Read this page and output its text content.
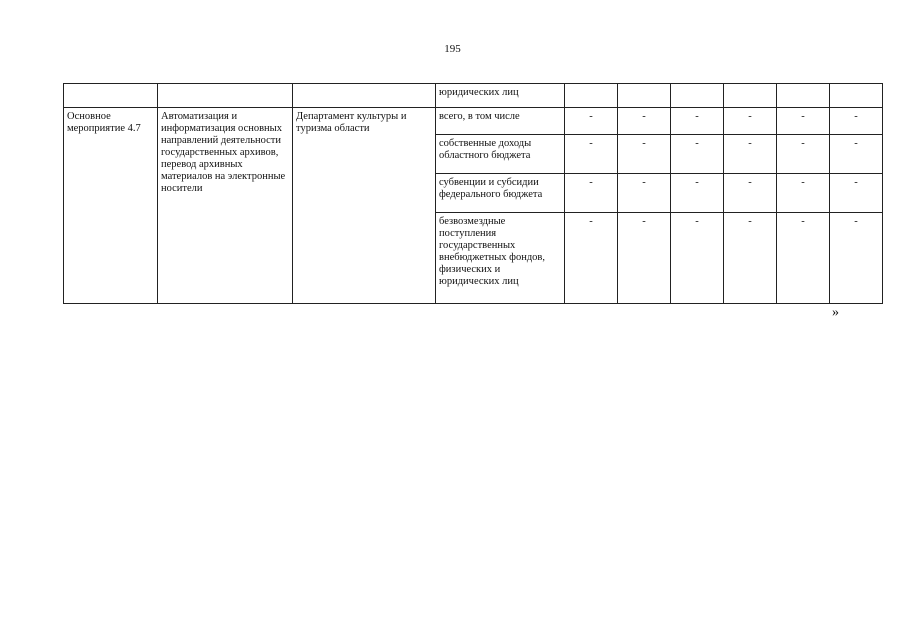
195
			юридических лиц						
Основное мероприятие 4.7	Автоматизация и информатизация основных направлений деятельности государственных архивов, перевод архивных материалов на электронные носители	Департамент культуры и туризма области	всего, в том числе	-	-	-	-	-	-
			собственные доходы областного бюджета	-	-	-	-	-	-
			субвенции и субсидии федерального бюджета	-	-	-	-	-	-
			безвозмездные поступления государственных внебюджетных фондов, физических и юридических лиц	-	-	-	-	-	-
»
